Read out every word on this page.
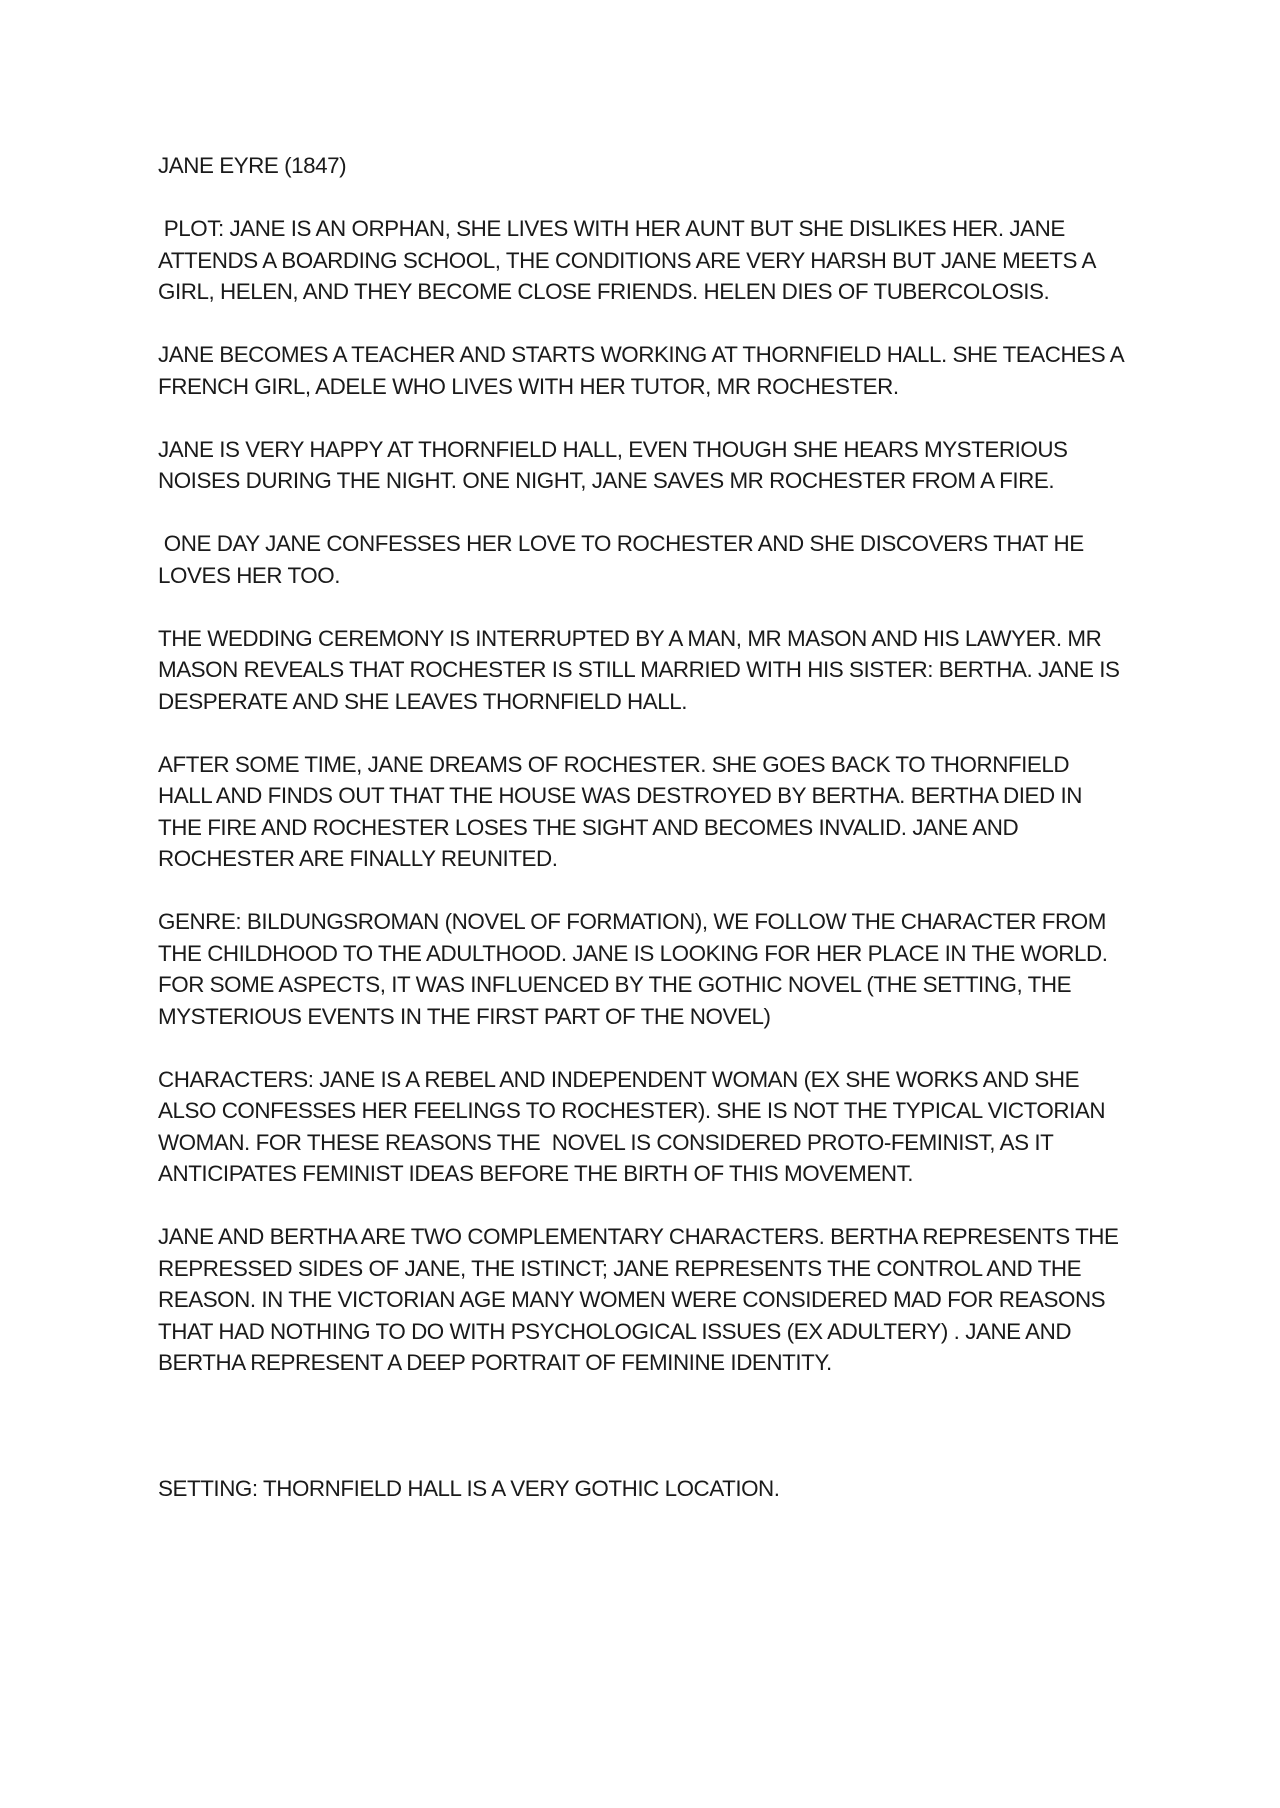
JANE EYRE (1847)

PLOT: JANE IS AN ORPHAN, SHE LIVES WITH HER AUNT BUT SHE DISLIKES HER. JANE ATTENDS A BOARDING SCHOOL, THE CONDITIONS ARE VERY HARSH BUT JANE MEETS A GIRL, HELEN, AND THEY BECOME CLOSE FRIENDS. HELEN DIES OF TUBERCOLOSIS.

JANE BECOMES A TEACHER AND STARTS WORKING AT THORNFIELD HALL. SHE TEACHES A FRENCH GIRL, ADELE WHO LIVES WITH HER TUTOR, MR ROCHESTER.

JANE IS VERY HAPPY AT THORNFIELD HALL, EVEN THOUGH SHE HEARS MYSTERIOUS NOISES DURING THE NIGHT. ONE NIGHT, JANE SAVES MR ROCHESTER FROM A FIRE.

ONE DAY JANE CONFESSES HER LOVE TO ROCHESTER AND SHE DISCOVERS THAT HE LOVES HER TOO.

THE WEDDING CEREMONY IS INTERRUPTED BY A MAN, MR MASON AND HIS LAWYER. MR MASON REVEALS THAT ROCHESTER IS STILL MARRIED WITH HIS SISTER: BERTHA. JANE IS DESPERATE AND SHE LEAVES THORNFIELD HALL.

AFTER SOME TIME, JANE DREAMS OF ROCHESTER. SHE GOES BACK TO THORNFIELD HALL AND FINDS OUT THAT THE HOUSE WAS DESTROYED BY BERTHA. BERTHA DIED IN THE FIRE AND ROCHESTER LOSES THE SIGHT AND BECOMES INVALID. JANE AND ROCHESTER ARE FINALLY REUNITED.

GENRE: BILDUNGSROMAN (NOVEL OF FORMATION), WE FOLLOW THE CHARACTER FROM THE CHILDHOOD TO THE ADULTHOOD. JANE IS LOOKING FOR HER PLACE IN THE WORLD. FOR SOME ASPECTS, IT WAS INFLUENCED BY THE GOTHIC NOVEL (THE SETTING, THE MYSTERIOUS EVENTS IN THE FIRST PART OF THE NOVEL)

CHARACTERS: JANE IS A REBEL AND INDEPENDENT WOMAN (EX SHE WORKS AND SHE ALSO CONFESSES HER FEELINGS TO ROCHESTER). SHE IS NOT THE TYPICAL VICTORIAN WOMAN. FOR THESE REASONS THE  NOVEL IS CONSIDERED PROTO-FEMINIST, AS IT ANTICIPATES FEMINIST IDEAS BEFORE THE BIRTH OF THIS MOVEMENT.

JANE AND BERTHA ARE TWO COMPLEMENTARY CHARACTERS. BERTHA REPRESENTS THE REPRESSED SIDES OF JANE, THE ISTINCT; JANE REPRESENTS THE CONTROL AND THE REASON. IN THE VICTORIAN AGE MANY WOMEN WERE CONSIDERED MAD FOR REASONS THAT HAD NOTHING TO DO WITH PSYCHOLOGICAL ISSUES (EX ADULTERY) . JANE AND BERTHA REPRESENT A DEEP PORTRAIT OF FEMININE IDENTITY.

SETTING: THORNFIELD HALL IS A VERY GOTHIC LOCATION.
